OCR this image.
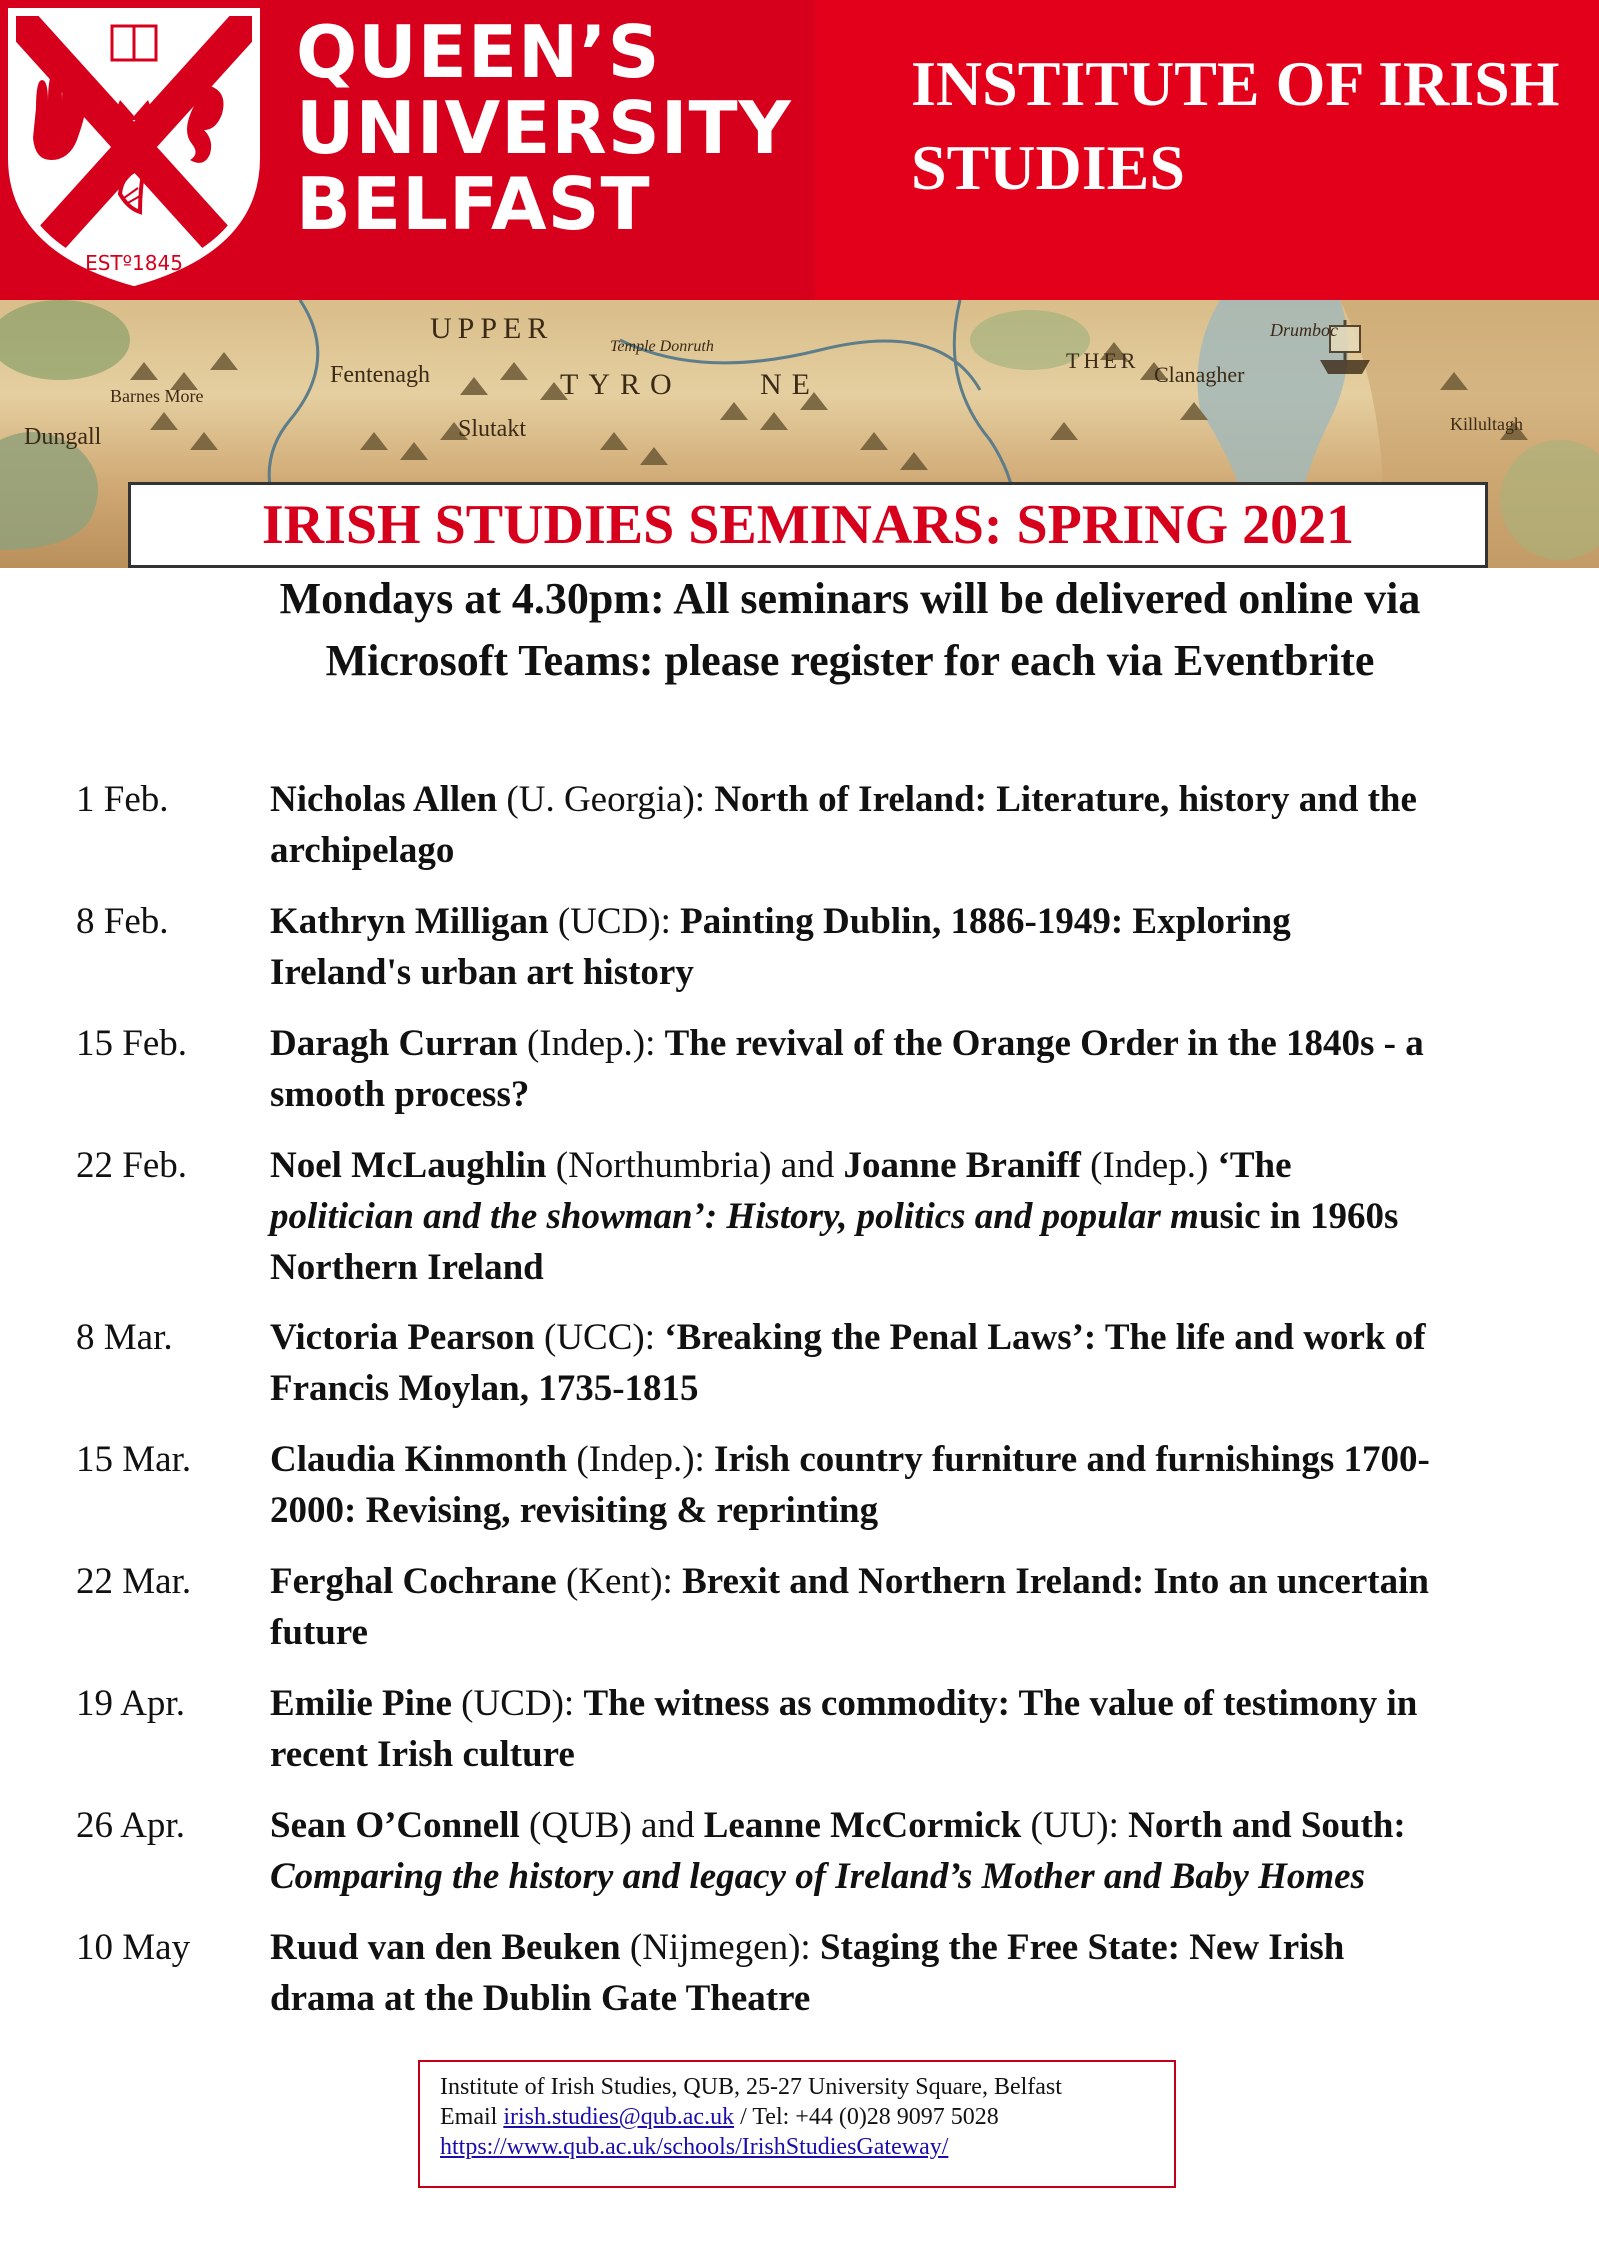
ESTº1845
QUEEN’S
UNIVERSITY
BELFAST
INSTITUTE OF IRISH
STUDIES
UPPER
TYRO	NE
Fentenagh
Slutakt
Barnes More
Dungall
THER
Clanagher
Killultagh
Temple Donruth
Drumboc
IRISH STUDIES SEMINARS: SPRING 2021
Mondays at 4.30pm: All seminars will be delivered online via
Microsoft Teams: please register for each via Eventbrite
1 Feb.	Nicholas Allen (U. Georgia): North of Ireland: Literature, history and the
archipelago
8 Feb.	Kathryn Milligan (UCD): Painting Dublin, 1886-1949: Exploring
Ireland's urban art history
15 Feb. Daragh Curran (Indep.): The revival of the Orange Order in the 1840s - a
smooth process?
22 Feb. Noel McLaughlin (Northumbria) and Joanne Braniff (Indep.) ‘The
politician and the showman’: History, politics and popular music in 1960s
Northern Ireland
8 Mar.	Victoria Pearson (UCC): ‘Breaking the Penal Laws’: The life and work of
Francis Moylan, 1735-1815
15 Mar. Claudia Kinmonth (Indep.): Irish country furniture and furnishings 1700-
2000: Revising, revisiting & reprinting
22 Mar. Ferghal Cochrane (Kent): Brexit and Northern Ireland: Into an uncertain
future
19 Apr. Emilie Pine (UCD): The witness as commodity: The value of testimony in
recent Irish culture
26 Apr. Sean O’Connell (QUB) and Leanne McCormick (UU): North and South:
Comparing the history and legacy of Ireland’s Mother and Baby Homes
10 May Ruud van den Beuken (Nijmegen): Staging the Free State: New Irish
drama at the Dublin Gate Theatre
Institute of Irish Studies, QUB, 25-27 University Square, Belfast
Email irish.studies@qub.ac.uk / Tel: +44 (0)28 9097 5028
https://www.qub.ac.uk/schools/IrishStudiesGateway/
